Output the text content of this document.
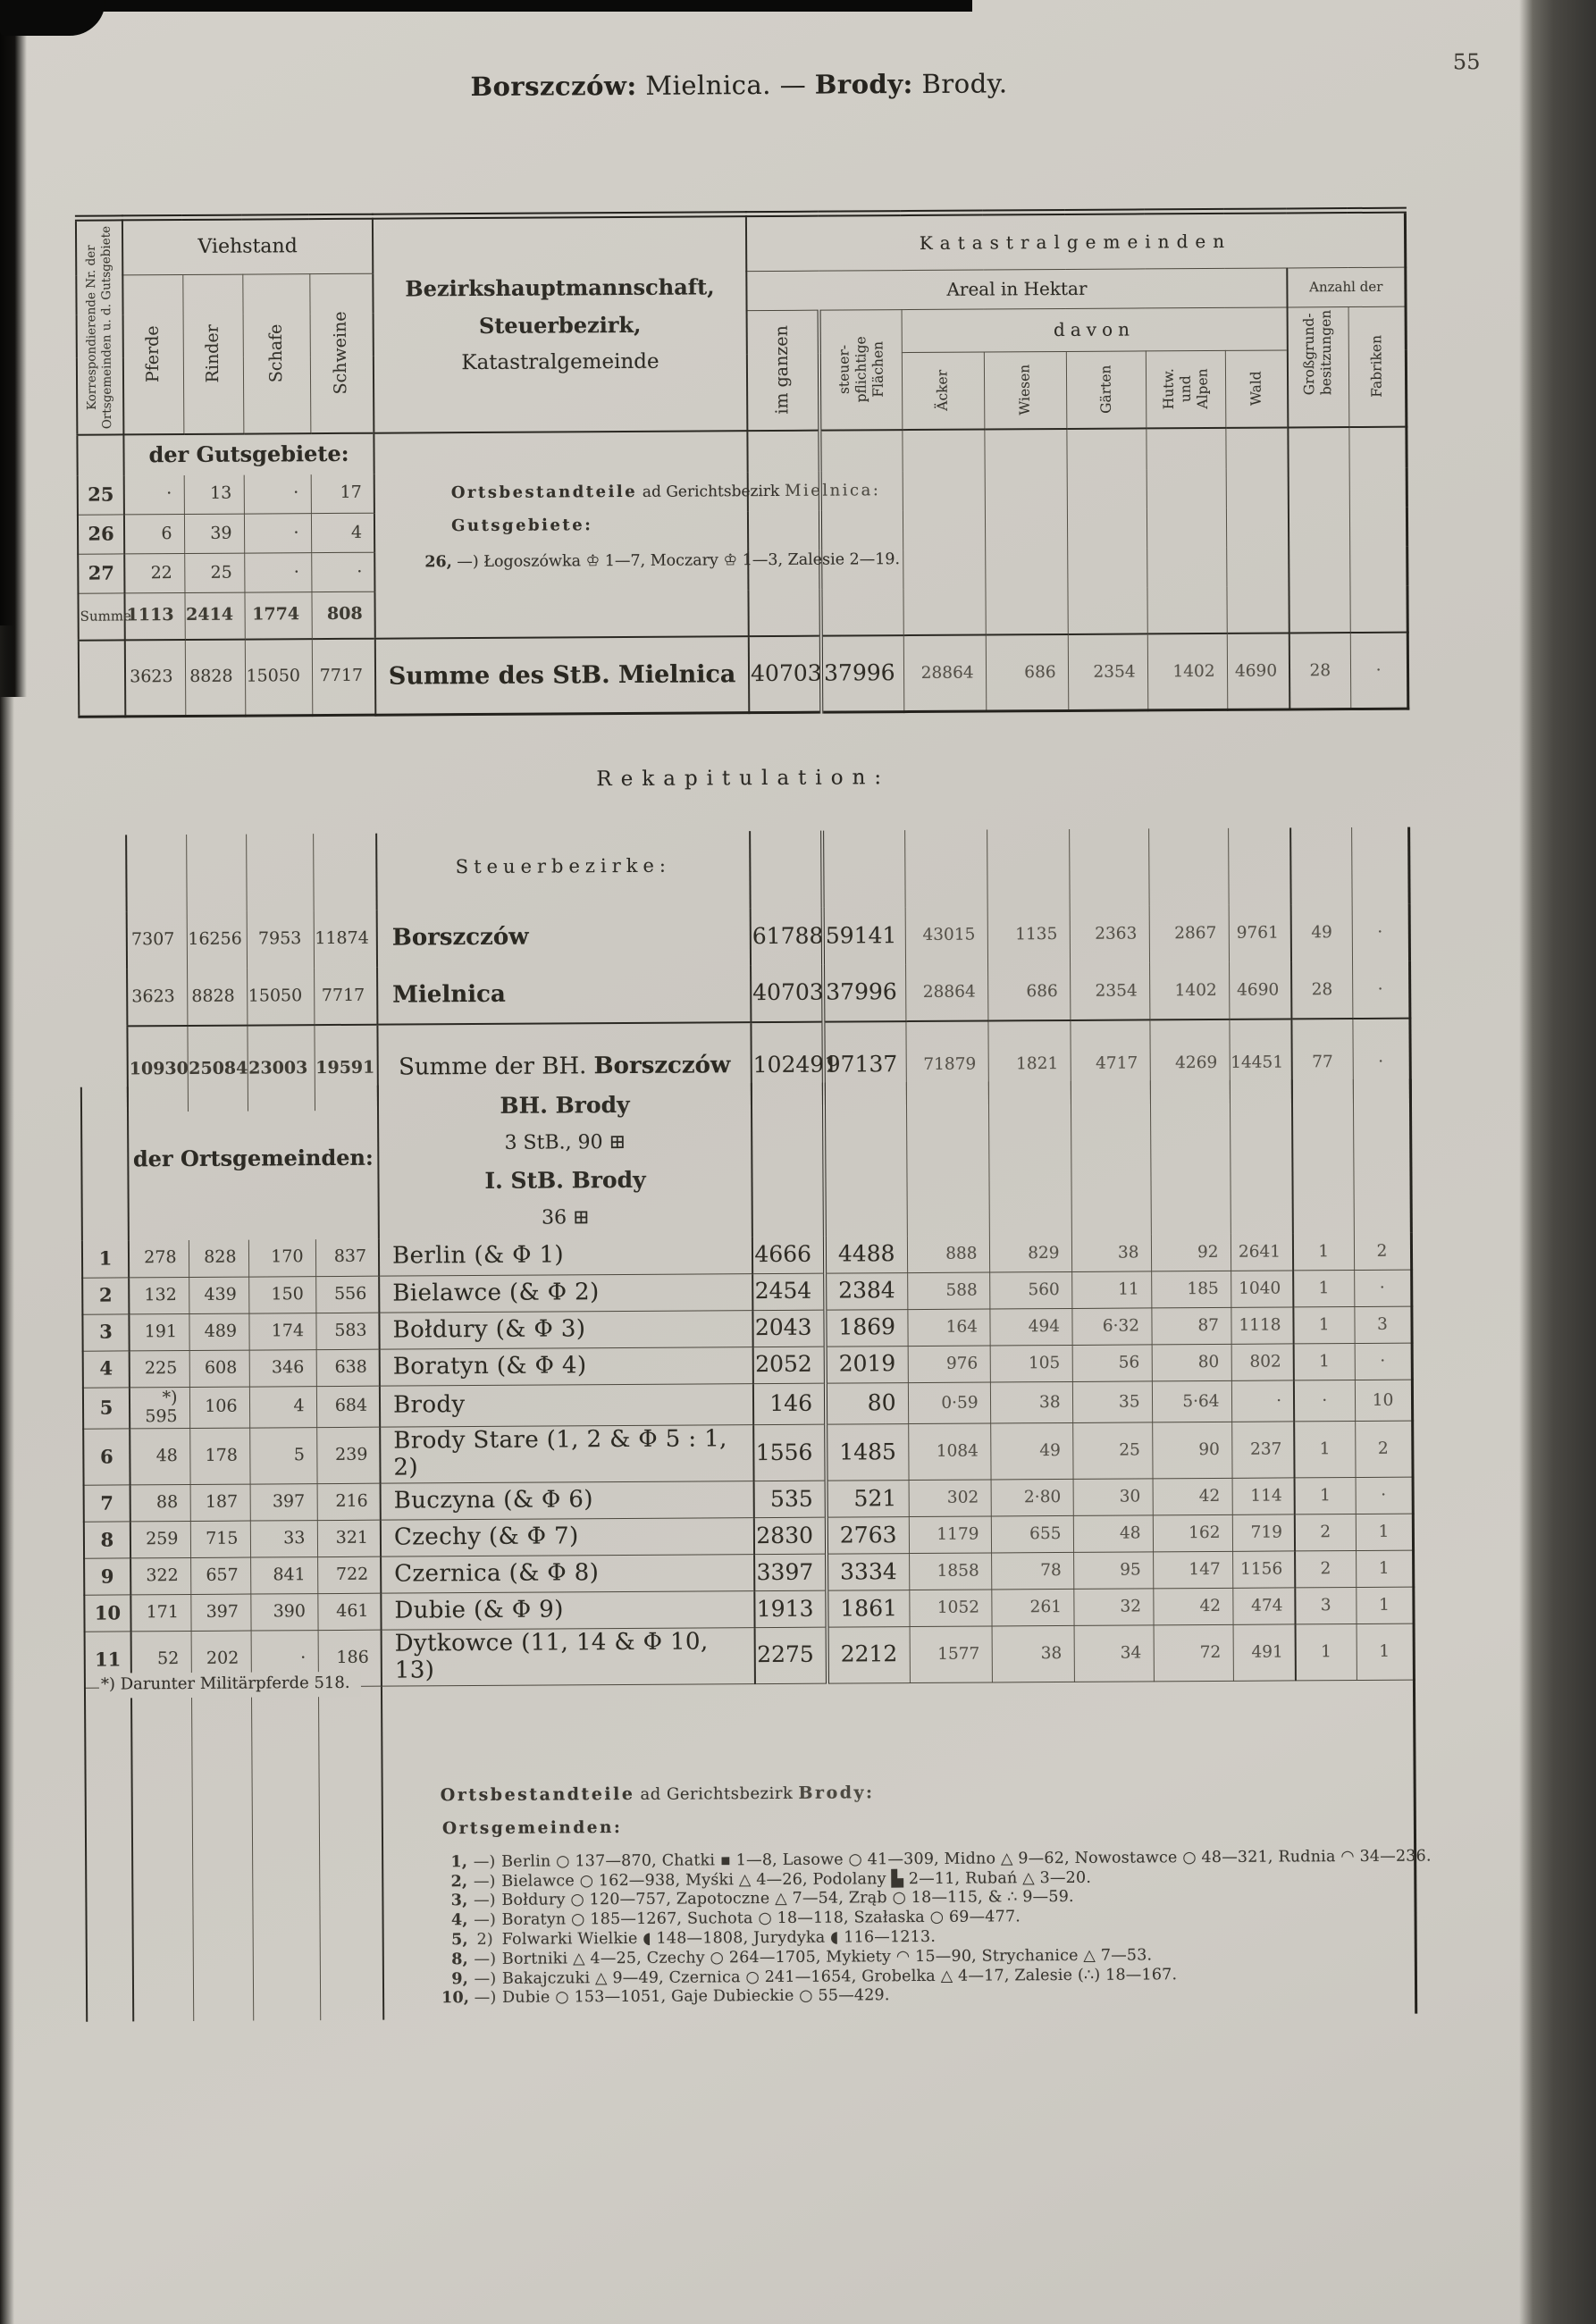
55
Borszczów: Mielnica. — Brody: Brody.
Korrespondierende Nr. der Ortsgemeinden u. d. Gutsgebiete	Viehstand				Bezirkshauptmannschaft,
Steuerbezirk,
Katastralgemeinde	Katastralgemeinden								

	Pferde	Rinder	Schafe	Schweine		Areal in Hektar							Anzahl der	

						im ganzen	steuer-pflichtige Flächen	davon					Großgrund-besitzungen	Fabriken

								Äcker	Wiesen	Gärten	Hutw. und Alpen	Wald		

	der Gutsgebiete:				Ortsbestandteile ad Gerichtsbezirk Mielnica:
Gutsgebiete:
26, —) Łogoszówka ♔ 1—7, Moczary ♔ 1—3, Zalesie 2—19.									

25	·	13	·	17										
26	6	39	·	4										
27	22	25	·	·										
Summe	1113	2414	1774	808										
	3623	8828	15050	7717	Summe des StB. Mielnica	40703	37996	28864	686	2354	1402	4690	28	·
Rekapitulation:
				Steuerbezirke:									
7307	16256	7953	11874	Borszczów	61788	59141	43015	1135	2363	2867	9761	49	·
3623	8828	15050	7717	Mielnica	40703	37996	28864	686	2354	1402	4690	28	·
10930	25084	23003	19591	Summe der BH. Borszczów	102491	97137	71879	1821	4717	4269	14451	77	·
	der Ortsgemeinden:				BH. Brody
3 StB., 90 ⊞
I. StB. Brody
36 ⊞									

1	278	828	170	837	Berlin (& Φ 1)	4666	4488	888	829	38	92	2641	1	2
2	132	439	150	556	Bielawce (& Φ 2)	2454	2384	588	560	11	185	1040	1	·
3	191	489	174	583	Bołdury (& Φ 3)	2043	1869	164	494	6·32	87	1118	1	3
4	225	608	346	638	Boratyn (& Φ 4)	2052	2019	976	105	56	80	802	1	·
5	*) 595	106	4	684	Brody	146	80	0·59	38	35	5·64	·	·	10
6	48	178	5	239	Brody Stare (1, 2 & Φ 5 : 1, 2)	1556	1485	1084	49	25	90	237	1	2
7	88	187	397	216	Buczyna (& Φ 6)	535	521	302	2·80	30	42	114	1	·
8	259	715	33	321	Czechy (& Φ 7)	2830	2763	1179	655	48	162	719	2	1
9	322	657	841	722	Czernica (& Φ 8)	3397	3334	1858	78	95	147	1156	2	1
10	171	397	390	461	Dubie (& Φ 9)	1913	1861	1052	261	32	42	474	3	1
11	52	202	·	186	Dytkowce (11, 14 & Φ 10, 13)	2275	2212	1577	38	34	72	491	1	1

Ortsbestandteile ad Gerichtsbezirk Brody:
Ortsgemeinden:
1, —) Berlin ○ 137—870, Chatki ▪ 1—8, Lasowe ○ 41—309, Midno △ 9—62, Nowostawce ○ 48—321, Rudnia ◠ 34—236.
2, —) Bielawce ○ 162—938, Myśki △ 4—26, Podolany ▙ 2—11, Rubań △ 3—20.
3, —) Bołdury ○ 120—757, Zapotoczne △ 7—54, Zrąb ○ 18—115, & ∴ 9—59.
4, —) Boratyn ○ 185—1267, Suchota ○ 18—118, Szałaska ○ 69—477.
5, 2) Folwarki Wielkie ◖ 148—1808, Jurydyka ◖ 116—1213.
8, —) Bortniki △ 4—25, Czechy ○ 264—1705, Mykiety ◠ 15—90, Strychanice △ 7—53.
9, —) Bakajczuki △ 9—49, Czernica ○ 241—1654, Grobelka △ 4—17, Zalesie (∴) 18—167.
10, —) Dubie ○ 153—1051, Gaje Dubieckie ○ 55—429.
*) Darunter Militärpferde 518.
